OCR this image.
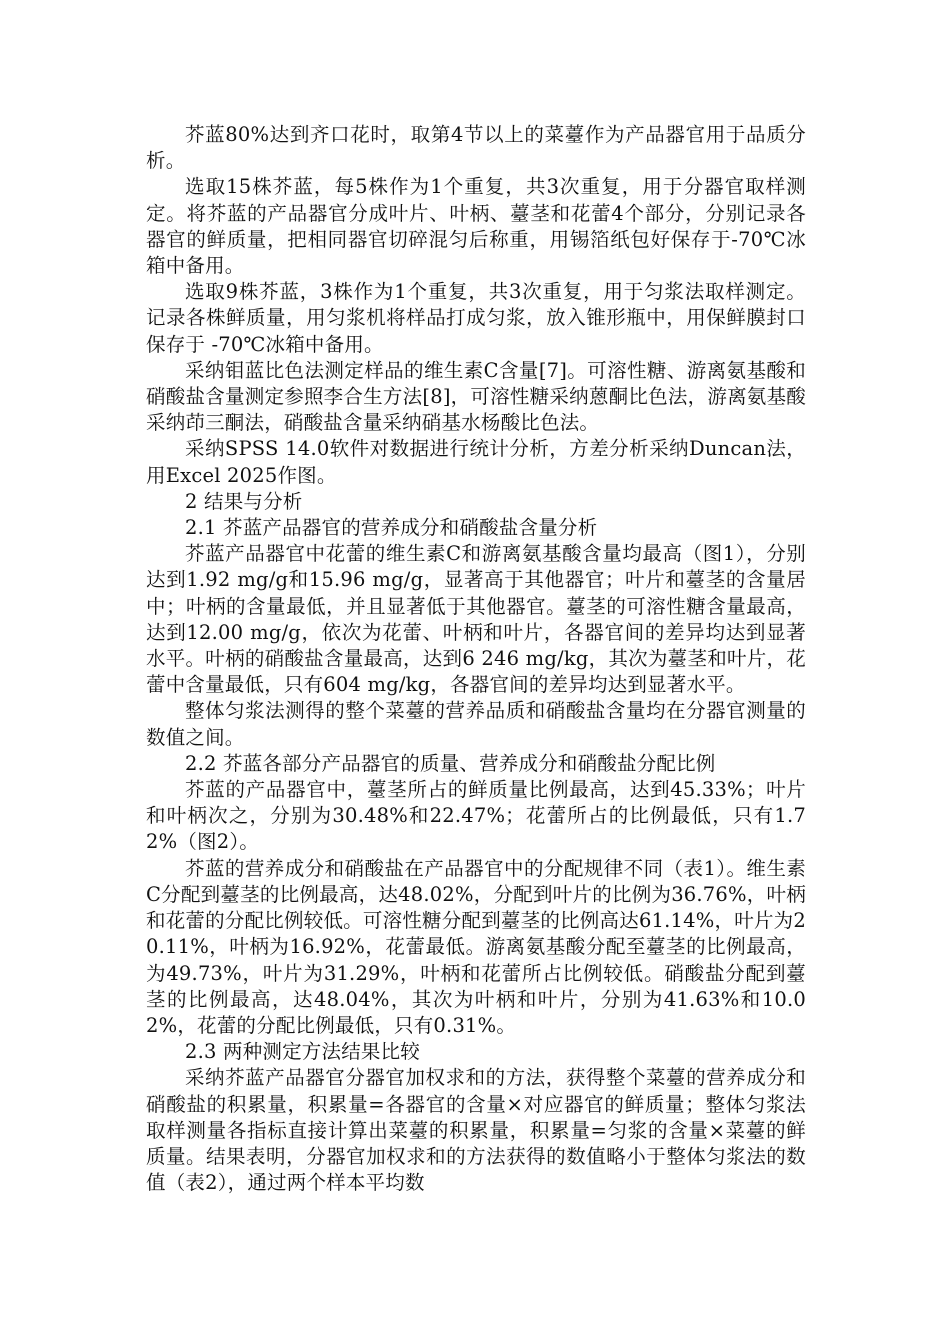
芥蓝80%达到齐口花时，取第4节以上的菜薹作为产品器官用于品质分析。

选取15株芥蓝，每5株作为1个重复，共3次重复，用于分器官取样测定。将芥蓝的产品器官分成叶片、叶柄、薹茎和花蕾4个部分，分别记录各器官的鲜质量，把相同器官切碎混匀后称重，用锡箔纸包好保存于-70℃冰箱中备用。

选取9株芥蓝，3株作为1个重复，共3次重复，用于匀浆法取样测定。记录各株鲜质量，用匀浆机将样品打成匀浆，放入锥形瓶中，用保鲜膜封口保存于 -70℃冰箱中备用。

采纳钼蓝比色法测定样品的维生素C含量[7]。可溶性糖、游离氨基酸和硝酸盐含量测定参照李合生方法[8]，可溶性糖采纳蒽酮比色法，游离氨基酸采纳茚三酮法，硝酸盐含量采纳硝基水杨酸比色法。

采纳SPSS 14.0软件对数据进行统计分析，方差分析采纳Duncan法，用Excel 2025作图。

2 结果与分析

2.1 芥蓝产品器官的营养成分和硝酸盐含量分析

芥蓝产品器官中花蕾的维生素C和游离氨基酸含量均最高（图1），分别达到1.92 mg/g和15.96 mg/g，显著高于其他器官；叶片和薹茎的含量居中；叶柄的含量最低，并且显著低于其他器官。薹茎的可溶性糖含量最高，达到12.00 mg/g，依次为花蕾、叶柄和叶片，各器官间的差异均达到显著水平。叶柄的硝酸盐含量最高，达到6 246 mg/kg，其次为薹茎和叶片，花蕾中含量最低，只有604 mg/kg，各器官间的差异均达到显著水平。

整体匀浆法测得的整个菜薹的营养品质和硝酸盐含量均在分器官测量的数值之间。

2.2 芥蓝各部分产品器官的质量、营养成分和硝酸盐分配比例

芥蓝的产品器官中，薹茎所占的鲜质量比例最高，达到45.33%；叶片和叶柄次之，分别为30.48%和22.47%；花蕾所占的比例最低，只有1.72%（图2）。

芥蓝的营养成分和硝酸盐在产品器官中的分配规律不同（表1）。维生素C分配到薹茎的比例最高，达48.02%，分配到叶片的比例为36.76%，叶柄和花蕾的分配比例较低。可溶性糖分配到薹茎的比例高达61.14%，叶片为20.11%，叶柄为16.92%，花蕾最低。游离氨基酸分配至薹茎的比例最高，为49.73%，叶片为31.29%，叶柄和花蕾所占比例较低。硝酸盐分配到薹茎的比例最高，达48.04%，其次为叶柄和叶片，分别为41.63%和10.02%，花蕾的分配比例最低，只有0.31%。

2.3 两种测定方法结果比较

采纳芥蓝产品器官分器官加权求和的方法，获得整个菜薹的营养成分和硝酸盐的积累量，积累量=各器官的含量×对应器官的鲜质量；整体匀浆法取样测量各指标直接计算出菜薹的积累量，积累量=匀浆的含量×菜薹的鲜质量。结果表明，分器官加权求和的方法获得的数值略小于整体匀浆法的数值（表2），通过两个样本平均数
